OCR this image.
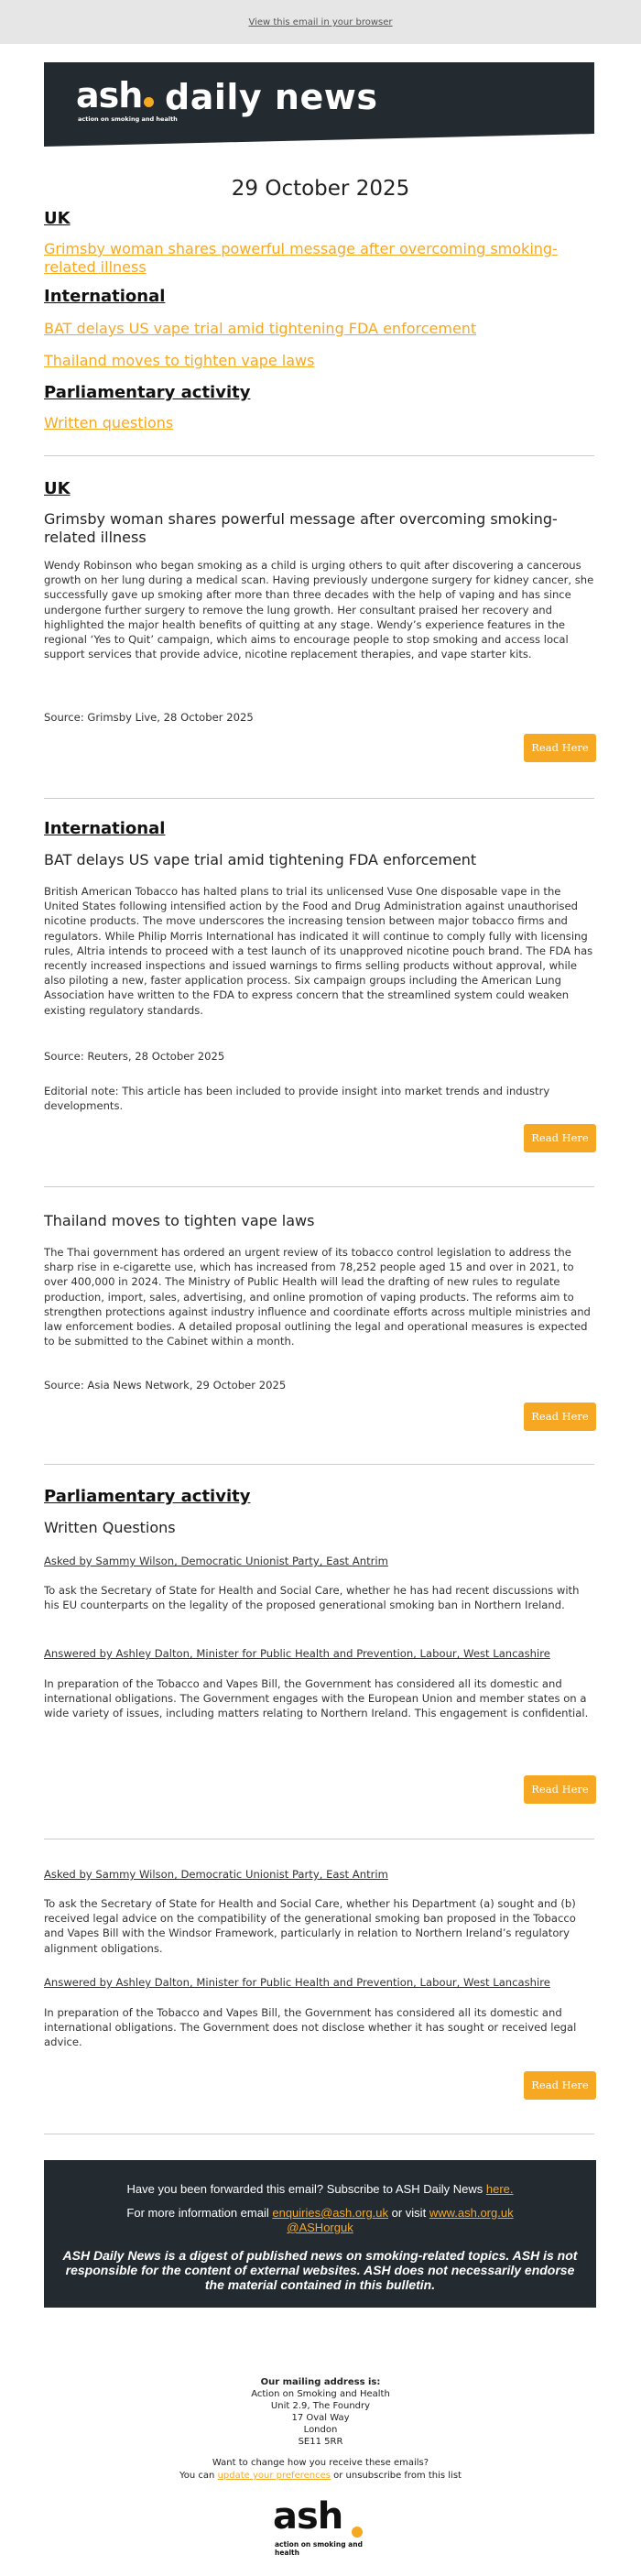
View this email in your browser
ash
action on smoking and health
daily news
29 October 2025
UK
Grimsby woman shares powerful message after overcoming smoking-related illness
International
BAT delays US vape trial amid tightening FDA enforcement
Thailand moves to tighten vape laws
Parliamentary activity
Written questions
UK
Grimsby woman shares powerful message after overcoming smoking-related illness
Wendy Robinson who began smoking as a child is urging others to quit after discovering a cancerous growth on her lung during a medical scan. Having previously undergone surgery for kidney cancer, she successfully gave up smoking after more than three decades with the help of vaping and has since undergone further surgery to remove the lung growth. Her consultant praised her recovery and highlighted the major health benefits of quitting at any stage. Wendy’s experience features in the regional ‘Yes to Quit’ campaign, which aims to encourage people to stop smoking and access local support services that provide advice, nicotine replacement therapies, and vape starter kits.
Source: Grimsby Live, 28 October 2025
Read Here
International
BAT delays US vape trial amid tightening FDA enforcement
British American Tobacco has halted plans to trial its unlicensed Vuse One disposable vape in the United States following intensified action by the Food and Drug Administration against unauthorised nicotine products. The move underscores the increasing tension between major tobacco firms and regulators. While Philip Morris International has indicated it will continue to comply fully with licensing rules, Altria intends to proceed with a test launch of its unapproved nicotine pouch brand. The FDA has recently increased inspections and issued warnings to firms selling products without approval, while also piloting a new, faster application process. Six campaign groups including the American Lung Association have written to the FDA to express concern that the streamlined system could weaken existing regulatory standards.
Source: Reuters, 28 October 2025
Editorial note: This article has been included to provide insight into market trends and industry developments.
Read Here
Thailand moves to tighten vape laws
The Thai government has ordered an urgent review of its tobacco control legislation to address the sharp rise in e-cigarette use, which has increased from 78,252 people aged 15 and over in 2021, to over 400,000 in 2024. The Ministry of Public Health will lead the drafting of new rules to regulate production, import, sales, advertising, and online promotion of vaping products. The reforms aim to strengthen protections against industry influence and coordinate efforts across multiple ministries and law enforcement bodies. A detailed proposal outlining the legal and operational measures is expected to be submitted to the Cabinet within a month.
Source: Asia News Network, 29 October 2025
Read Here
Parliamentary activity
Written Questions
Asked by Sammy Wilson, Democratic Unionist Party, East Antrim
To ask the Secretary of State for Health and Social Care, whether he has had recent discussions with his EU counterparts on the legality of the proposed generational smoking ban in Northern Ireland.
Answered by Ashley Dalton, Minister for Public Health and Prevention, Labour, West Lancashire
In preparation of the Tobacco and Vapes Bill, the Government has considered all its domestic and international obligations. The Government engages with the European Union and member states on a wide variety of issues, including matters relating to Northern Ireland. This engagement is confidential.
Read Here
Asked by Sammy Wilson, Democratic Unionist Party, East Antrim
To ask the Secretary of State for Health and Social Care, whether his Department (a) sought and (b) received legal advice on the compatibility of the generational smoking ban proposed in the Tobacco and Vapes Bill with the Windsor Framework, particularly in relation to Northern Ireland’s regulatory alignment obligations.
Answered by Ashley Dalton, Minister for Public Health and Prevention, Labour, West Lancashire
In preparation of the Tobacco and Vapes Bill, the Government has considered all its domestic and international obligations. The Government does not disclose whether it has sought or received legal advice.
Read Here
Have you been forwarded this email? Subscribe to ASH Daily News here.
For more information email enquiries@ash.org.uk or visit www.ash.org.uk
@ASHorguk
ASH Daily News is a digest of published news on smoking-related topics. ASH is not responsible for the content of external websites. ASH does not necessarily endorse the material contained in this bulletin.
Our mailing address is:
Action on Smoking and Health
Unit 2.9, The Foundry
17 Oval Way
London
SE11 5RR
Want to change how you receive these emails?
You can update your preferences or unsubscribe from this list
ash
action on smoking and health
